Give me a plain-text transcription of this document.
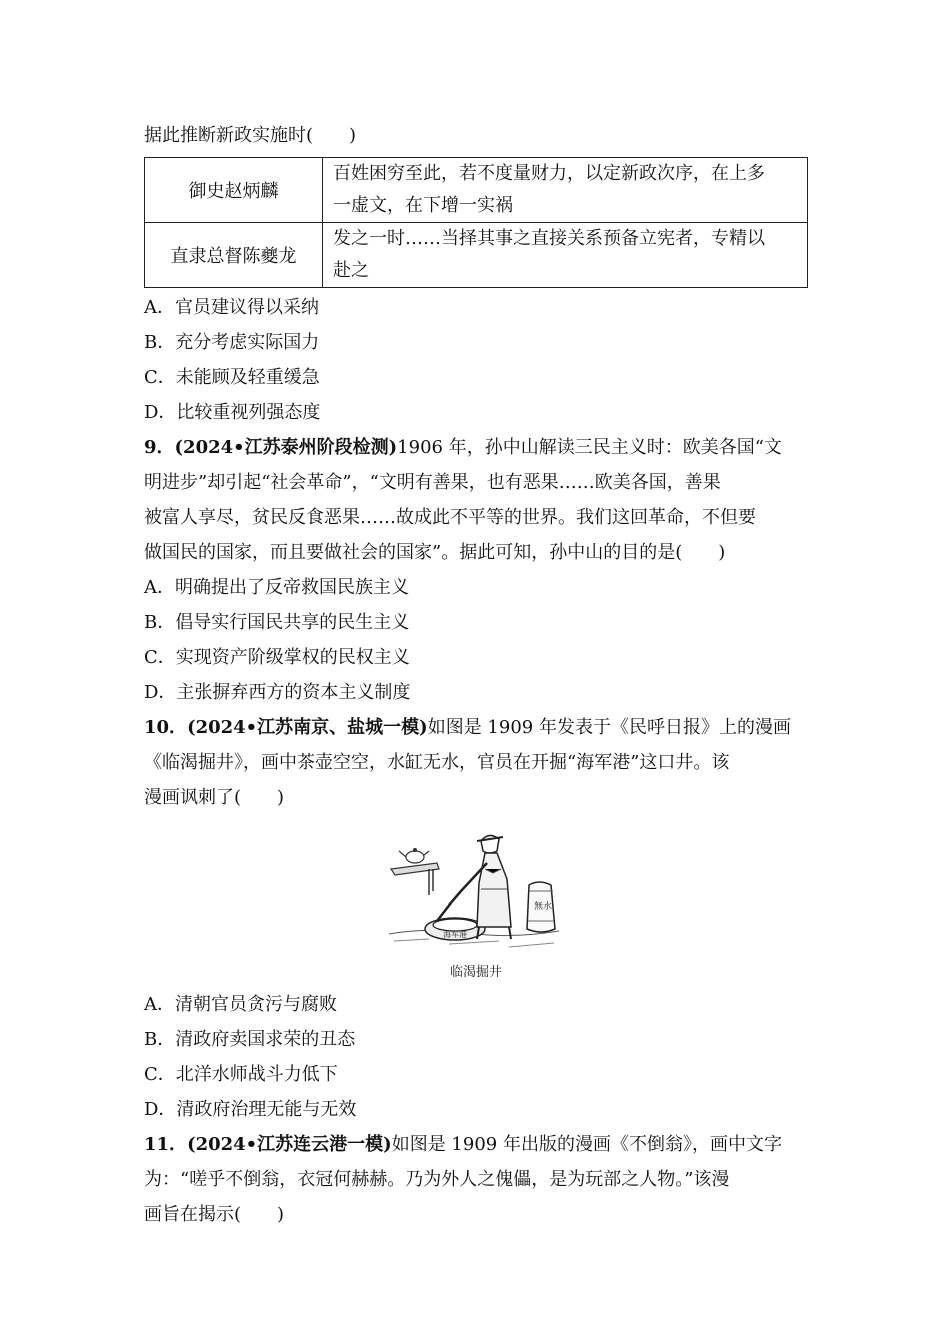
据此推断新政实施时(　　)
御史赵炳麟	百姓困穷至此，若不度量财力，以定新政次序，在上多
一虚文，在下增一实祸

直隶总督陈夔龙	发之一时……当择其事之直接关系预备立宪者，专精以
赴之
A．官员建议得以采纳
B．充分考虑实际国力
C．未能顾及轻重缓急
D．比较重视列强态度
9．(2024•江苏泰州阶段检测)1906 年，孙中山解读三民主义时：欧美各国“文
明进步”却引起“社会革命”，“文明有善果，也有恶果……欧美各国，善果
被富人享尽，贫民反食恶果……故成此不平等的世界。我们这回革命，不但要
做国民的国家，而且要做社会的国家”。据此可知，孙中山的目的是(　　)
A．明确提出了反帝救国民族主义
B．倡导实行国民共享的民生主义
C．实现资产阶级掌权的民权主义
D．主张摒弃西方的资本主义制度
10．(2024•江苏南京、盐城一模)如图是 1909 年发表于《民呼日报》上的漫画
《临渴掘井》，画中茶壶空空，水缸无水，官员在开掘“海军港”这口井。该
漫画讽刺了(　　)
海军港
無水
临渴掘井
A．清朝官员贪污与腐败
B．清政府卖国求荣的丑态
C．北洋水师战斗力低下
D．清政府治理无能与无效
11．(2024•江苏连云港一模)如图是 1909 年出版的漫画《不倒翁》，画中文字
为：“嗟乎不倒翁，衣冠何赫赫。乃为外人之傀儡，是为玩部之人物。”该漫
画旨在揭示(　　)
